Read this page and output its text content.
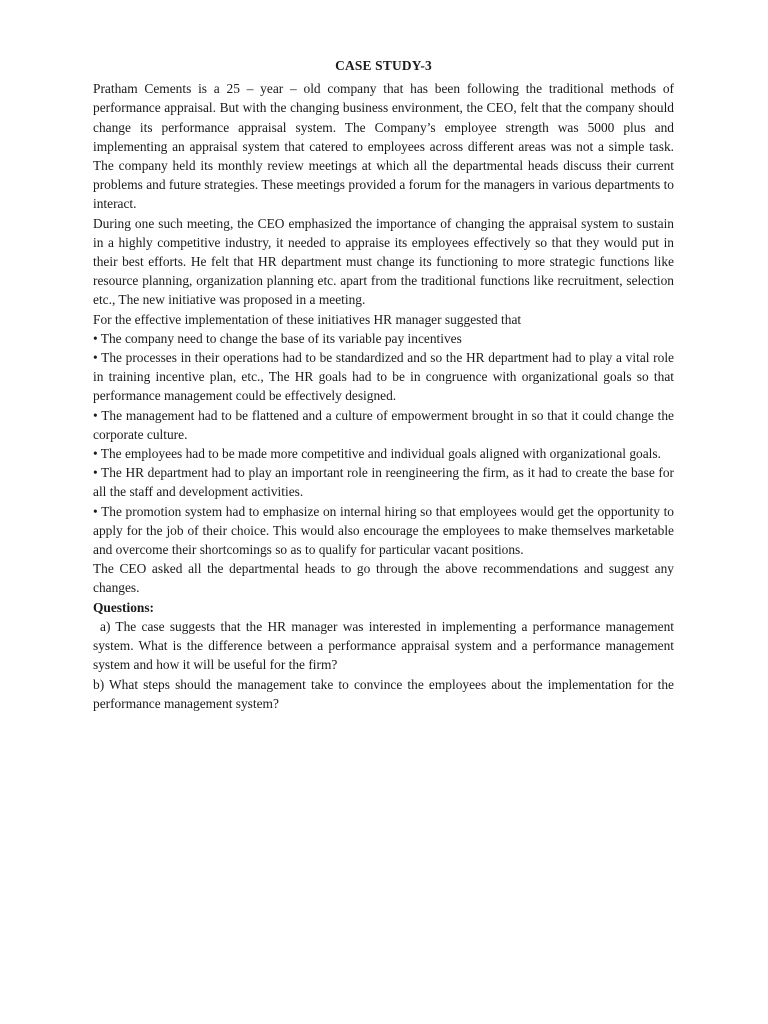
CASE STUDY-3

Pratham Cements is a 25 – year – old company that has been following the traditional methods of performance appraisal. But with the changing business environment, the CEO, felt that the company should change its performance appraisal system. The Company’s employee strength was 5000 plus and implementing an appraisal system that catered to employees across different areas was not a simple task. The company held its monthly review meetings at which all the departmental heads discuss their current problems and future strategies. These meetings provided a forum for the managers in various departments to interact.

During one such meeting, the CEO emphasized the importance of changing the appraisal system to sustain in a highly competitive industry, it needed to appraise its employees effectively so that they would put in their best efforts. He felt that HR department must change its functioning to more strategic functions like resource planning, organization planning etc. apart from the traditional functions like recruitment, selection etc., The new initiative was proposed in a meeting.

For the effective implementation of these initiatives HR manager suggested that

• The company need to change the base of its variable pay incentives

• The processes in their operations had to be standardized and so the HR department had to play a vital role in training incentive plan, etc., The HR goals had to be in congruence with organizational goals so that performance management could be effectively designed.

• The management had to be flattened and a culture of empowerment brought in so that it could change the corporate culture.

• The employees had to be made more competitive and individual goals aligned with organizational goals.

• The HR department had to play an important role in reengineering the firm, as it had to create the base for all the staff and development activities.

• The promotion system had to emphasize on internal hiring so that employees would get the opportunity to apply for the job of their choice. This would also encourage the employees to make themselves marketable and overcome their shortcomings so as to qualify for particular vacant positions.

The CEO asked all the departmental heads to go through the above recommendations and suggest any changes.

Questions:

a) The case suggests that the HR manager was interested in implementing a performance management system. What is the difference between a performance appraisal system and a performance management system and how it will be useful for the firm?

b) What steps should the management take to convince the employees about the implementation for the performance management system?
